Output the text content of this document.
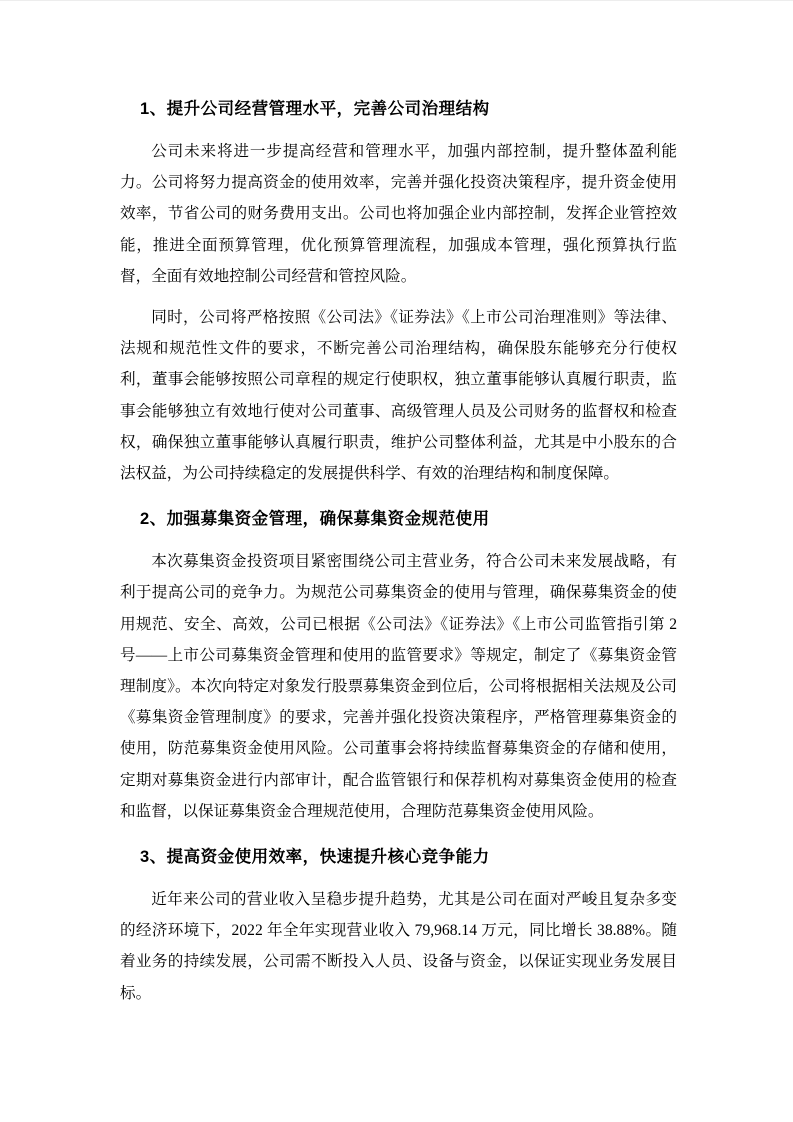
1、提升公司经营管理水平，完善公司治理结构

公司未来将进一步提高经营和管理水平，加强内部控制，提升整体盈利能力。公司将努力提高资金的使用效率，完善并强化投资决策程序，提升资金使用效率，节省公司的财务费用支出。公司也将加强企业内部控制，发挥企业管控效能，推进全面预算管理，优化预算管理流程，加强成本管理，强化预算执行监督，全面有效地控制公司经营和管控风险。

同时，公司将严格按照《公司法》《证券法》《上市公司治理准则》等法律、法规和规范性文件的要求，不断完善公司治理结构，确保股东能够充分行使权利，董事会能够按照公司章程的规定行使职权，独立董事能够认真履行职责，监事会能够独立有效地行使对公司董事、高级管理人员及公司财务的监督权和检查权，确保独立董事能够认真履行职责，维护公司整体利益，尤其是中小股东的合法权益，为公司持续稳定的发展提供科学、有效的治理结构和制度保障。

2、加强募集资金管理，确保募集资金规范使用

本次募集资金投资项目紧密围绕公司主营业务，符合公司未来发展战略，有利于提高公司的竞争力。为规范公司募集资金的使用与管理，确保募集资金的使用规范、安全、高效，公司已根据《公司法》《证券法》《上市公司监管指引第 2 号——上市公司募集资金管理和使用的监管要求》等规定，制定了《募集资金管理制度》。本次向特定对象发行股票募集资金到位后，公司将根据相关法规及公司《募集资金管理制度》的要求，完善并强化投资决策程序，严格管理募集资金的使用，防范募集资金使用风险。公司董事会将持续监督募集资金的存储和使用，定期对募集资金进行内部审计，配合监管银行和保荐机构对募集资金使用的检查和监督，以保证募集资金合理规范使用，合理防范募集资金使用风险。

3、提高资金使用效率，快速提升核心竞争能力

近年来公司的营业收入呈稳步提升趋势，尤其是公司在面对严峻且复杂多变的经济环境下，2022 年全年实现营业收入 79,968.14 万元，同比增长 38.88%。随着业务的持续发展，公司需不断投入人员、设备与资金，以保证实现业务发展目标。
